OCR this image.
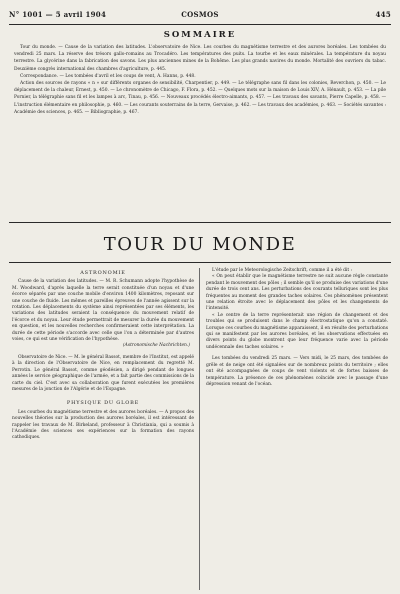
N° 1001 — 5 avril 1904	COSMOS	445
SOMMAIRE

Tour du monde. — Cause de la variation des latitudes. L'observatoire de Nice. Les courbes du magnétisme terrestre et des aurores boréales. Les tombées du vendredi 25 mars. La réserve des trésors gallo-romains au Trocadéro. Les températures des puits. La tourbe et les eaux minérales. La température du noyau terrestre. La glycérine dans la fabrication des savons. Les plus anciennes mines de la Bohême. Les plus grands navires du monde. Mortalité des ouvriers du tabac. Deuxième congrès international des chambres d'agriculture, p. 445.

Correspondance. — Les tombées d'avril et les coups de vent, A. Hanns, p. 448.

Action des sources de rayons « n » sur différents organes de sensibilité, Charpentier, p. 449. — Le télégraphe sans fil dans les colonies, Reverchon, p. 450. — Le déplacement de la chaleur, Ernest, p. 450. — Le chronomètre de Chicago, F. Flora, p. 452. — Quelques mots sur la maison de Louis XIV, A. Hénault, p. 453. — La pile Pornier, la télégraphie sans fil et les lampes à arc, Tinau, p. 456. — Nouveaux procédés électro-aimants, p. 457. — Les travaux des savants, Pierre Capelle, p. 458. — L'instruction élémentaire en philosophie, p. 460. — Les courants souterrains de la terre, Gervaise, p. 462. — Les travaux des académies, p. 463. — Sociétés savantes : Académie des sciences, p. 465. — Bibliographie, p. 467.

TOUR DU MONDE
ASTRONOMIE

Cause de la variation des latitudes. — M. R. Schumann adopte l'hypothèse de M. Woodward, d'après laquelle la terre serait constituée d'un noyau et d'une écorce séparés par une couche mobile d'environ 1400 kilomètres, reposant sur une couche de fluide. Les mêmes et pareilles épreuves de l'année agissent sur la rotation. Les déplacements du système ainsi représentées par ses éléments, les variations des latitudes seraient la conséquence du mouvement relatif de l'écorce et du noyau. Leur étude permettrait de mesurer la durée du mouvement en question, et les nouvelles recherches confirmeraient cette interprétation. La durée de cette période s'accorde avec celle que l'on a déterminée par d'autres voies, ce qui est une vérification de l'hypothèse.

(Astronomische Nachrichten.)

Observatoire de Nice. — M. le général Bassot, membre de l'Institut, est appelé à la direction de l'Observatoire de Nice, en remplacement du regretté M. Perrotin. Le général Bassot, comme géodésien, a dirigé pendant de longues années le service géographique de l'armée, et a fait partie des commissions de la carte du ciel. C'est avec sa collaboration que furent exécutées les premières mesures de la jonction de l'Algérie et de l'Espagne.

PHYSIQUE DU GLOBE

Les courbes du magnétisme terrestre et des aurores boréales. — A propos des nouvelles théories sur la production des aurores boréales, il est intéressant de rappeler les travaux de M. Birkeland, professeur à Christiania, qui a soumis à l'Académie des sciences ses expériences sur la formation des rayons cathodiques.

L'étude par le Meteorologische Zeitschrift, comme il a été dit :

« On peut établir que le magnétisme terrestre ne suit aucune règle constante pendant le mouvement des pôles ; il semble qu'il se produise des variations d'une durée de trois cent ans. Les perturbations des courants telluriques sont les plus fréquentes au moment des grandes taches solaires. Ces phénomènes présentent une relation étroite avec le déplacement des pôles et les changements de l'intensité.

« Le centre de la terre représenterait une région de changement et des troubles qui se produisent dans le champ électrostatique qu'on a constaté. Lorsque ces courbes du magnétisme apparaissent, il en résulte des perturbations qui se manifestent par les aurores boréales, et les observations effectuées en divers points du globe montrent que leur fréquence varie avec la période undécennale des taches solaires. »

Les tombées du vendredi 25 mars. — Vers midi, le 25 mars, des tombées de grêle et de neige ont été signalées sur de nombreux points du territoire ; elles ont été accompagnées de coups de vent violents et de fortes baisses de température. La présence de ces phénomènes coïncide avec le passage d'une dépression venant de l'océan.
